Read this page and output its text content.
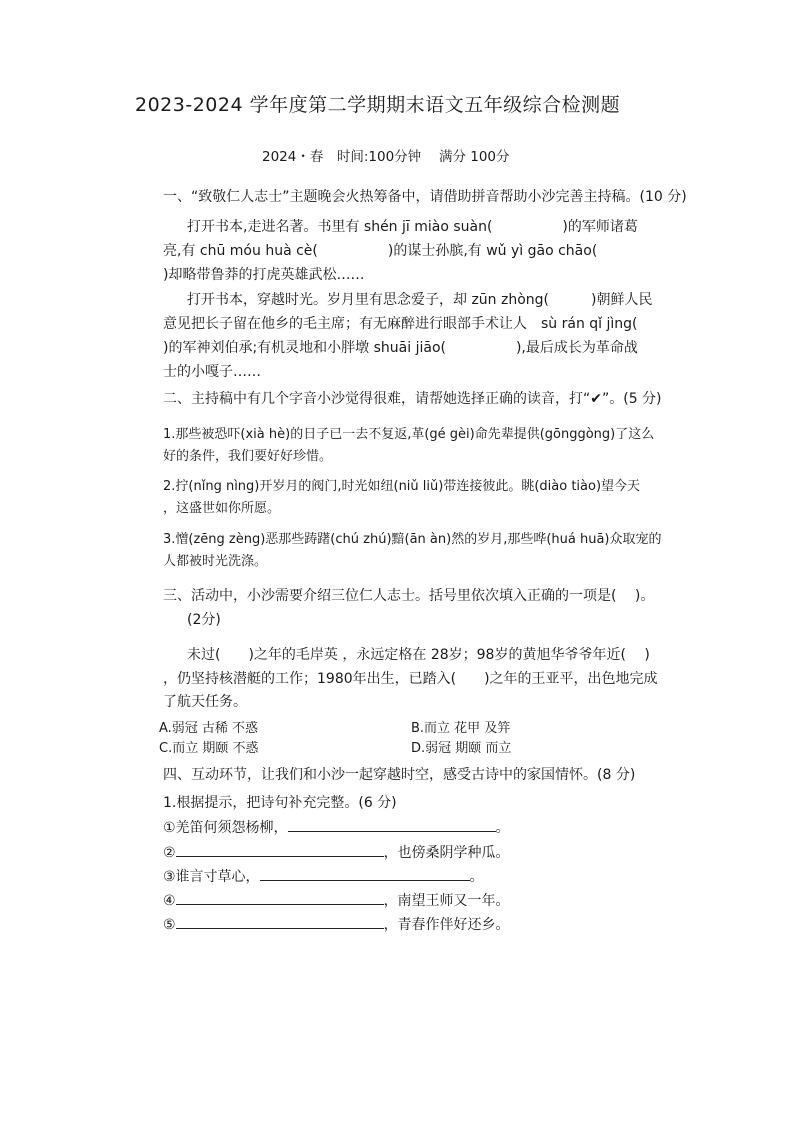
2023-2024 学年度第二学期期末语文五年级综合检测题
2024・春　时间:100分钟　 满分 100分
一、“致敬仁人志士”主题晚会火热筹备中，请借助拼音帮助小沙完善主持稿。(10 分)
打开书本,走进名著。书里有 shén jī miào suàn(　　　　　)的军师诸葛
亮,有 chū móu huà cè(　　　　　)的谋士孙膑,有 wǔ yì gāo chāo(
)却略带鲁莽的打虎英雄武松……
打开书本，穿越时光。岁月里有思念爱子，却 zūn zhòng(　　　)朝鲜人民
意见把长子留在他乡的毛主席；有无麻醉进行眼部手术让人　sù rán qǐ jìng(
)的军神刘伯承;有机灵地和小胖墩 shuāi jiāo(　　　　　),最后成长为革命战
士的小嘎子……
二、主持稿中有几个字音小沙觉得很难，请帮她选择正确的读音，打“✔”。(5 分)
1.那些被恐吓(xià hè)的日子已一去不复返,革(gé gèi)命先辈提供(gōnggòng)了这么
好的条件，我们要好好珍惜。
2.拧(nǐng nìng)开岁月的阀门,时光如纽(niǔ liǔ)带连接彼此。眺(diào tiào)望今天
，这盛世如你所愿。
3.憎(zēng zèng)恶那些踌躇(chú zhú)黯(ān àn)然的岁月,那些哗(huá huā)众取宠的
人都被时光洗涤。
三、活动中，小沙需要介绍三位仁人志士。括号里依次填入正确的一项是(　 )。
(2分)
未过(　　)之年的毛岸英 ，永远定格在 28岁；98岁的黄旭华爷爷年近(　 )
，仍坚持核潜艇的工作；1980年出生，已踏入(　　)之年的王亚平，出色地完成
了航天任务。
A.弱冠 古稀 不惑	B.而立 花甲 及笄
C.而立 期颐 不惑	D.弱冠 期颐 而立
四、互动环节，让我们和小沙一起穿越时空，感受古诗中的家国情怀。(8 分)
1.根据提示，把诗句补充完整。(6 分)
①羌笛何须怨杨柳，	。
②	，也傍桑阴学种瓜。
③谁言寸草心，	。
④	，南望王师又一年。
⑤	，青春作伴好还乡。
